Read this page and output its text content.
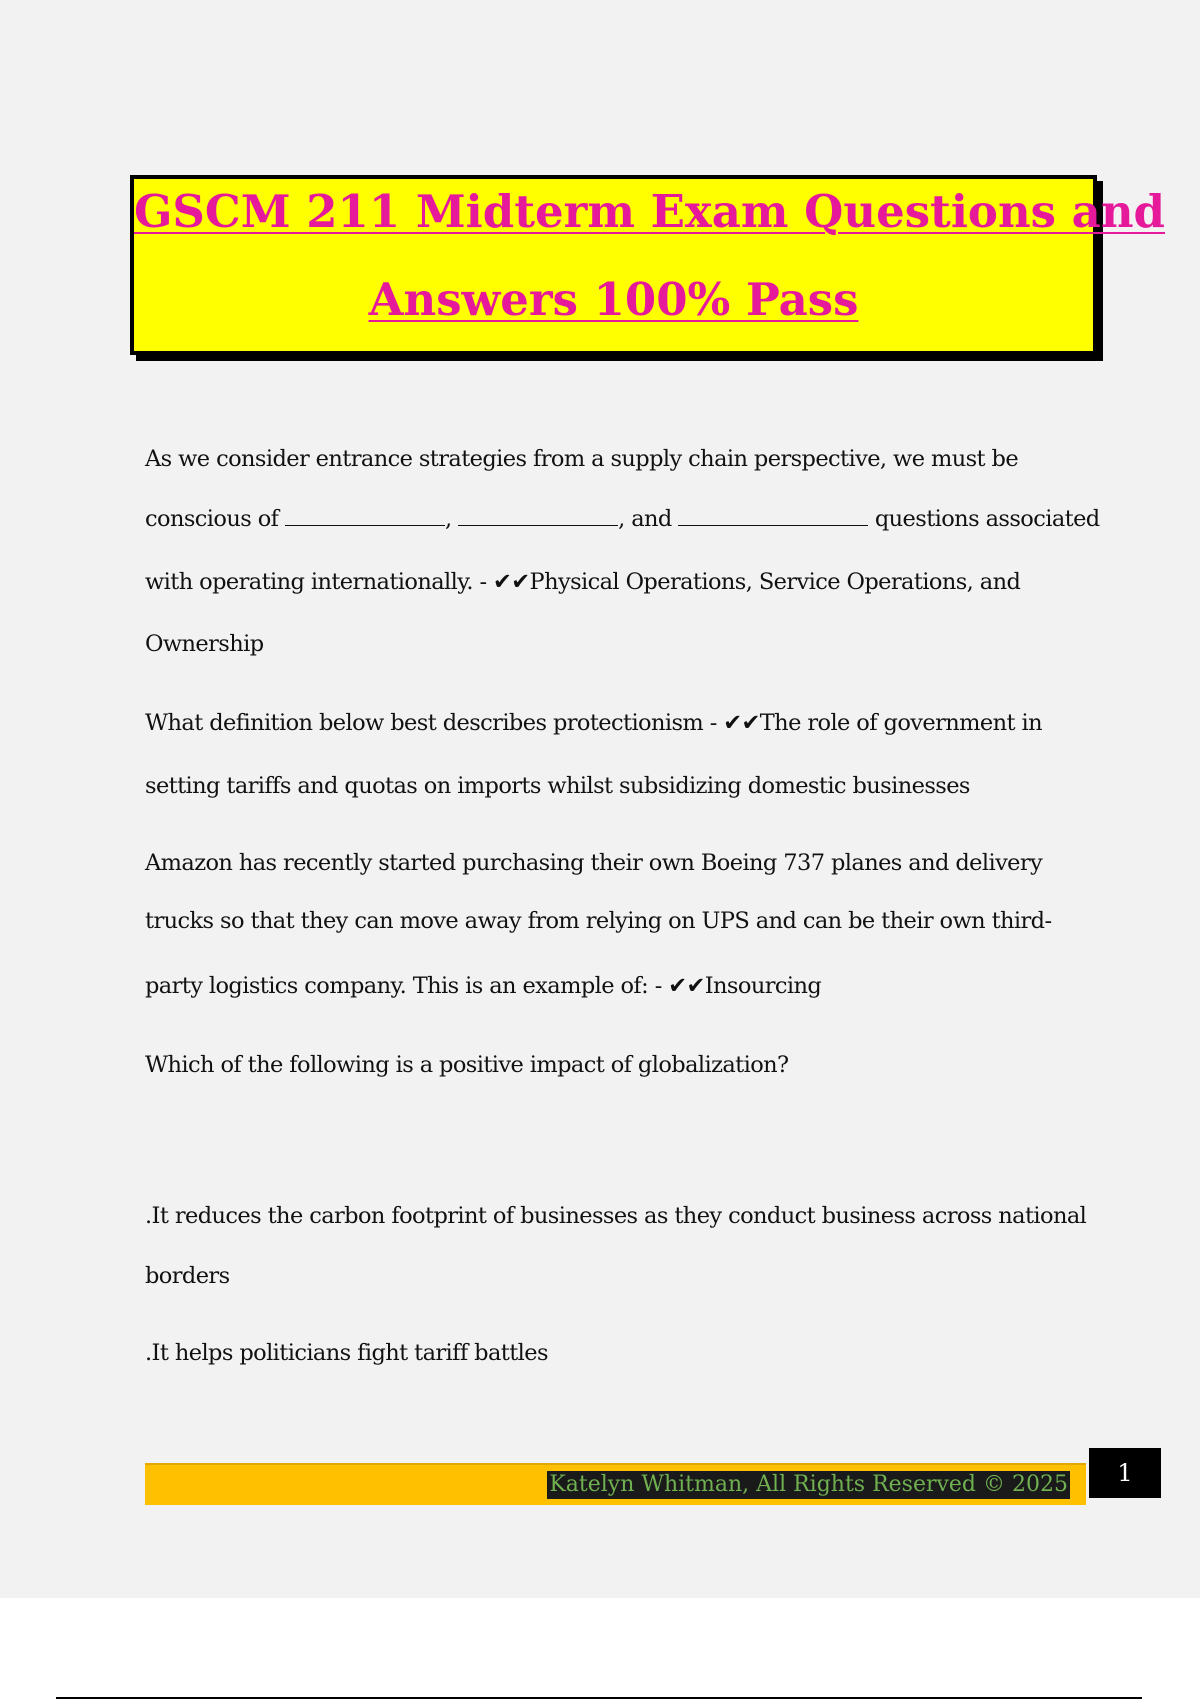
GSCM 211 Midterm Exam Questions and
Answers 100% Pass
As we consider entrance strategies from a supply chain perspective, we must be
conscious of	,	, and	questions associated
with operating internationally. - ✔✔Physical Operations, Service Operations, and
Ownership
What definition below best describes protectionism - ✔✔The role of government in
setting tariffs and quotas on imports whilst subsidizing domestic businesses
Amazon has recently started purchasing their own Boeing 737 planes and delivery
trucks so that they can move away from relying on UPS and can be their own third-
party logistics company. This is an example of: - ✔✔Insourcing
Which of the following is a positive impact of globalization?
.It reduces the carbon footprint of businesses as they conduct business across national
borders
.It helps politicians fight tariff battles
Katelyn Whitman, All Rights Reserved © 2025	1
